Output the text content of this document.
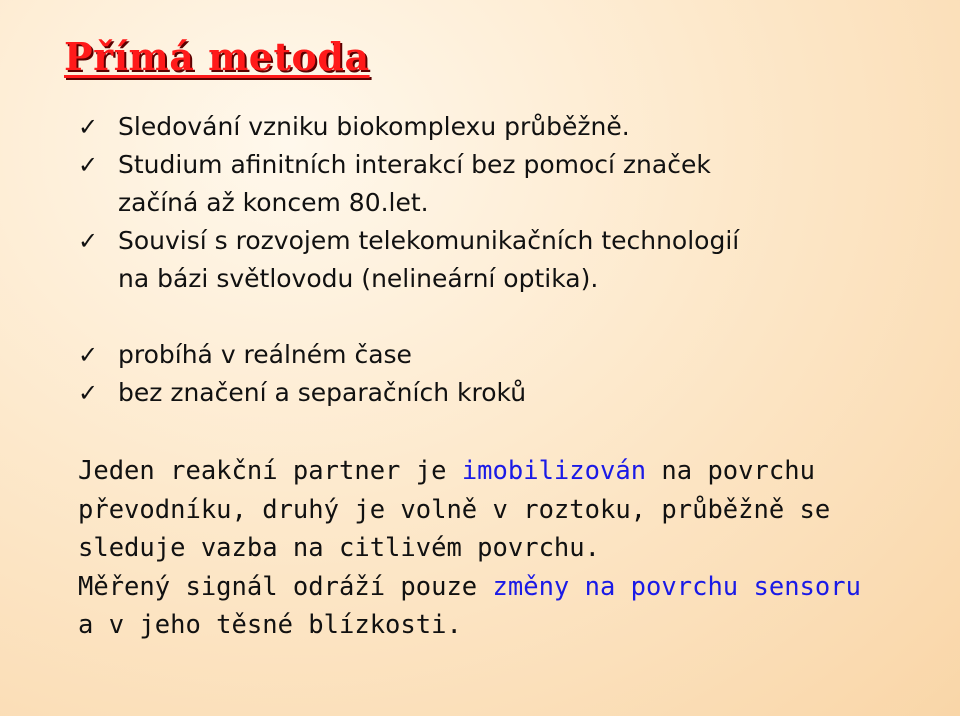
Přímá metoda
✓ Sledování vzniku biokomplexu průběžně.
✓ Studium afinitních interakcí bez pomocí značek
začíná až koncem 80.let.
✓ Souvisí s rozvojem telekomunikačních technologií
na bázi světlovodu (nelineární optika).
✓ probíhá v reálném čase
✓ bez značení a separačních kroků

Jeden reakční partner je imobilizován na povrchu
převodníku, druhý je volně v roztoku, průběžně se
sleduje vazba na citlivém povrchu.
Měřený signál odráží pouze změny na povrchu sensoru
a v jeho těsné blízkosti.
